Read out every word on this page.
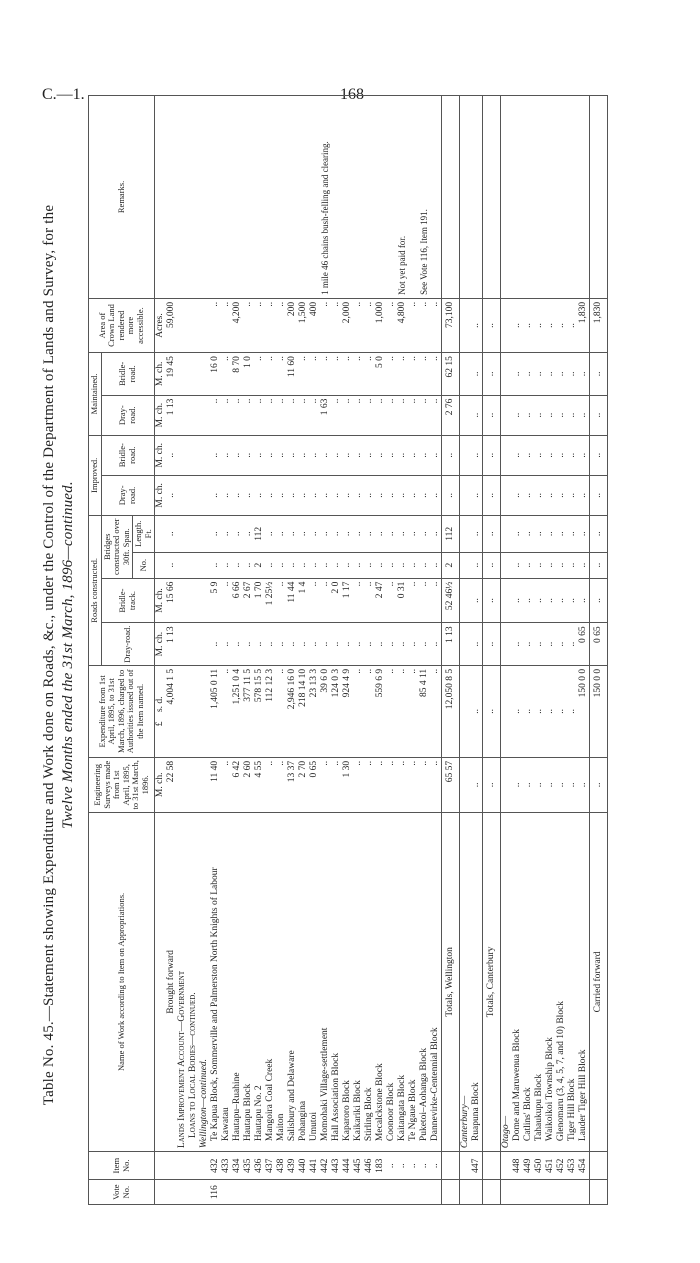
C.—1.	168
Table No. 45.—Statement showing Expenditure and Work done on Roads, &c., under the Control of the Department of Lands and Survey, for the Twelve Months ended the 31st March, 1896—continued.
Vote No.	Item No.	Name of Work according to Item on Appropriations.	Engineering Surveys made from 1st April, 1895, to 31st March, 1896.	Expenditure from 1st April, 1895, to 31st March, 1896, charged to Authorities issued out of the Item named.	Roads constructed.				Improved.		Maintained.		Area of Crown Land rendered more accessible.	Remarks.
					Dray-road.	Bridle-track.	Bridges constructed over 30ft. Span.		Dray-road.	Bridle-road.	Dray-road.	Bridle-road.		
							No.	Length. Ft.						
			M. ch.	£    s. d.	M. ch.	M. ch.			M. ch.	M. ch.	M. ch.	M. ch.	Acres.	
		Brought forward	22 58	4,004 1 5	1 13	15 66	..	..	..	..	1 13	19 45	59,000	
		Lands Improvement Account—Government
Loans to Local Bodies—continued.												
		Wellington—continued.												
116	432	Te Kapua Block, Sommerville and Palmerston North Knights of Labour	11 40	1,405 0 11	..	5 9	..	..	..	..	..	16 0	..	
	433	Kawatau	..	..	..	..	..	..	..	..	..	..	..	
	434	Hautapu–Ruahine	6 42	1,251 0 4	..	6 66	..	..	..	..	..	8 70	4,200	
	435	Hautapu Block	2 60	377 11 5	..	2 67	..	..	..	..	..	1 0	..	
	436	Hautapu No. 2	4 55	578 15 5	..	1 70	2	112	..	..	..	..	..	
	437	Mangoira Coal Creek	..	112 12 3	..	1 25½	..	..	..	..	..	..	..	
	438	Maiton	..	..	..	..	..	..	..	..	..	..	..	
	439	Salisbury and Delaware	13 37	2,946 16 0	..	11 44	..	..	..	..	..	11 60	200	
	440	Pohangina	2 70	218 14 10	..	1 4	..	..	..	..	..	..	1,500	
	441	Umutoi	0 65	23 13 3	..	..	..	..	..	..	..	..	400	
	442	Momohaki Village-settlement	..	39 6 0	..	..	..	..	..	..	1 63	..	..	1 mile 46 chains bush-felling and clearing.
	443	Hall Association Block	..	124 0 3	..	2 0	..	..	..	..	..	..	..	
	444	Kaparoro Block	1 30	924 4 9	..	1 17	..	..	..	..	..	..	2,000	
	445	Kaikariki Block	..	..	..	..	..	..	..	..	..	..	..	
	446	Stirling Block	..	..	..	..	..	..	..	..	..	..	..	
	183	Mecalckstone Block	..	559 6 9	..	2 47	..	..	..	..	..	5 0	1,000	
	..	Coonoor Block	..	..	..	..	..	..	..	..	..	..	..	
	..	Kaitangata Block	..	..	..	0 31	..	..	..	..	..	..	4,800	Not yet paid for.
	..	Te Ngaue Block	..	..	..	..	..	..	..	..	..	..	..	
	..	Puketoi–Aohanga Block	..	85 4 11	..	..	..	..	..	..	..	..	..	See Vote 116, Item 191.
	..	Dannevirke-Centennial Block	..	..	..	..	..	..	..	..	..	..	..	
		Totals, Wellington	65 57	12,050 8 5	1 13	52 46½	2	112	..	..	2 76	62 15	73,100	
		Canterbury—												
	447	Ruapuna Block	..	..	..	..	..	..	..	..	..	..	..	
		Totals, Canterbury	..	..	..	..	..	..	..	..	..	..	..	
		Otago—												
	448	Dome and Maruwenua Block	..	..	..	..	..	..	..	..	..	..	..	
	449	Catlins' Block	..	..	..	..	..	..	..	..	..	..	..	
	450	Tahaukupu Block	..	..	..	..	..	..	..	..	..	..	..	
	451	Waikoikoi Township Block	..	..	..	..	..	..	..	..	..	..	..	
	452	Glenomaru (3, 4, 5, 7, and 10) Block	..	..	..	..	..	..	..	..	..	..	..	
	453	Tiger Hill Block	..	..	..	..	..	..	..	..	..	..	..	
	454	Lauder Tiger Hill Block	..	150 0 0	0 65	..	..	..	..	..	..	..	1,830	
		Carried forward	..	150 0 0	0 65	..	..	..	..	..	..	..	1,830	
